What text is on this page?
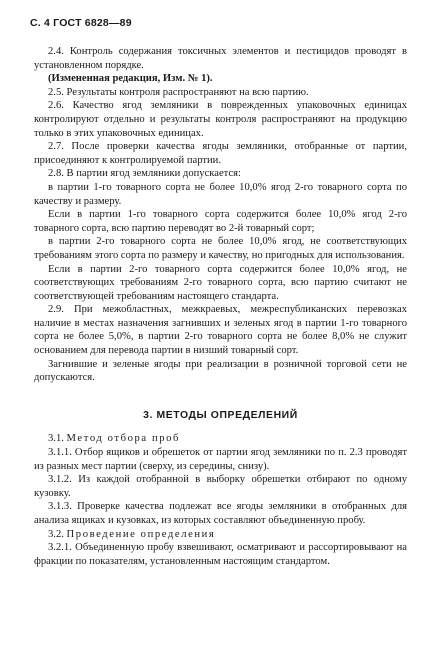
С. 4 ГОСТ 6828—89

2.4. Контроль содержания токсичных элементов и пестицидов проводят в установленном порядке.

(Измененная редакция, Изм. № 1).

2.5. Результаты контроля распространяют на всю партию.

2.6. Качество ягод земляники в поврежденных упаковочных единицах контролируют отдельно и результаты контроля распространяют на продукцию только в этих упаковочных единицах.

2.7. После проверки качества ягоды земляники, отобранные от партии, присоединяют к контролируемой партии.

2.8. В партии ягод земляники допускается:

в партии 1-го товарного сорта не более 10,0% ягод 2-го товарного сорта по качеству и размеру.

Если в партии 1-го товарного сорта содержится более 10,0% ягод 2-го товарного сорта, всю партию переводят во 2-й товарный сорт;

в партии 2-го товарного сорта не более 10,0% ягод, не соответствующих требованиям этого сорта по размеру и качеству, но пригодных для использования.

Если в партии 2-го товарного сорта содержится более 10,0% ягод, не соответствующих требованиям 2-го товарного сорта, всю партию считают не соответствующей требованиям настоящего стандарта.

2.9. При межобластных, межкраевых, межреспубликанских перевозках наличие в местах назначения загнивших и зеленых ягод в партии 1-го товарного сорта не более 5,0%, в партии 2-го товарного сорта не более 8,0% не служит основанием для перевода партии в низший товарный сорт.

Загнившие и зеленые ягоды при реализации в розничной торговой сети не допускаются.

3. МЕТОДЫ ОПРЕДЕЛЕНИЙ

3.1. Метод отбора проб

3.1.1. Отбор ящиков и обрешеток от партии ягод земляники по п. 2.3 проводят из разных мест партии (сверху, из середины, снизу).

3.1.2. Из каждой отобранной в выборку обрешетки отбирают по одному кузовку.

3.1.3. Проверке качества подлежат все ягоды земляники в отобранных для анализа ящиках и кузовках, из которых составляют объединенную пробу.

3.2. Проведение определения

3.2.1. Объединенную пробу взвешивают, осматривают и рассортировывают на фракции по показателям, установленным настоящим стандартом.
